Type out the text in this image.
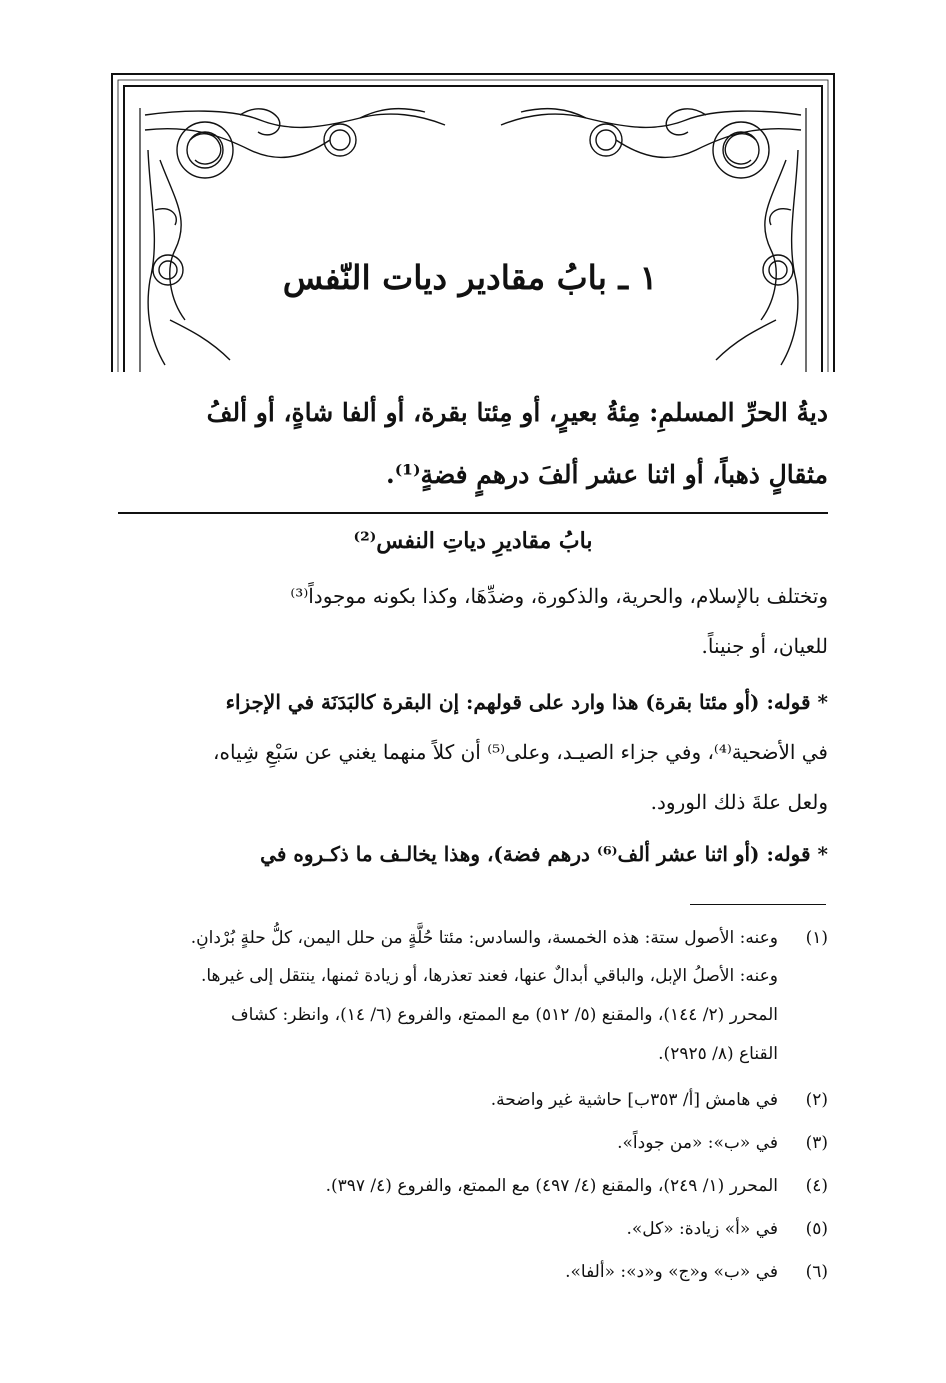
١ ـ بابُ مقادير ديات النّفس
ديةُ الحرِّ المسلمِ: مِئةُ بعيرٍ، أو مِئتا بقرة، أو ألفا شاةٍ، أو ألفُ
مثقالٍ ذهباً، أو اثنا عشر ألفَ درهمٍ فضةٍ⁽¹⁾.
بابُ مقاديرِ دياتِ النفس⁽²⁾
وتختلف بالإسلام، والحرية، والذكورة، وضدِّهَا، وكذا بكونه موجوداً⁽³⁾
للعيان، أو جنيناً.
* قوله: (أو مئتا بقرة) هذا وارد على قولهم: إن البقرة كالبَدَنَة في الإجزاء
في الأضحية⁽⁴⁾، وفي جزاء الصيـد، وعلى⁽⁵⁾ أن كلاً منهما يغني عن سَبْعِ شِياه،
ولعل علةَ ذلك الورود.
* قوله: (أو اثنا عشر ألف⁽⁶⁾ درهم فضة)، وهذا يخالـف ما ذكـروه في
(١)
وعنه: الأصول ستة: هذه الخمسة، والسادس: مئتا حُلَّةٍ من حلل اليمن، كلُّ حلةٍ بُرْدانِ.
وعنه: الأصلُ الإبل، والباقي أبدالٌ عنها، فعند تعذرها، أو زيادة ثمنها، ينتقل إلى غيرها.
المحرر (٢/ ١٤٤)، والمقنع (٥/ ٥١٢) مع الممتع، والفروع (٦/ ١٤)، وانظر: كشاف
القناع (٨/ ٢٩٢٥).
(٢)
في هامش [أ/ ٣٥٣ب] حاشية غير واضحة.
(٣)
في «ب»: «من جوداً».
(٤)
المحرر (١/ ٢٤٩)، والمقنع (٤/ ٤٩٧) مع الممتع، والفروع (٤/ ٣٩٧).
(٥)
في «أ» زيادة: «كل».
(٦)
في «ب» و«ج» و«د»: «ألفا».
